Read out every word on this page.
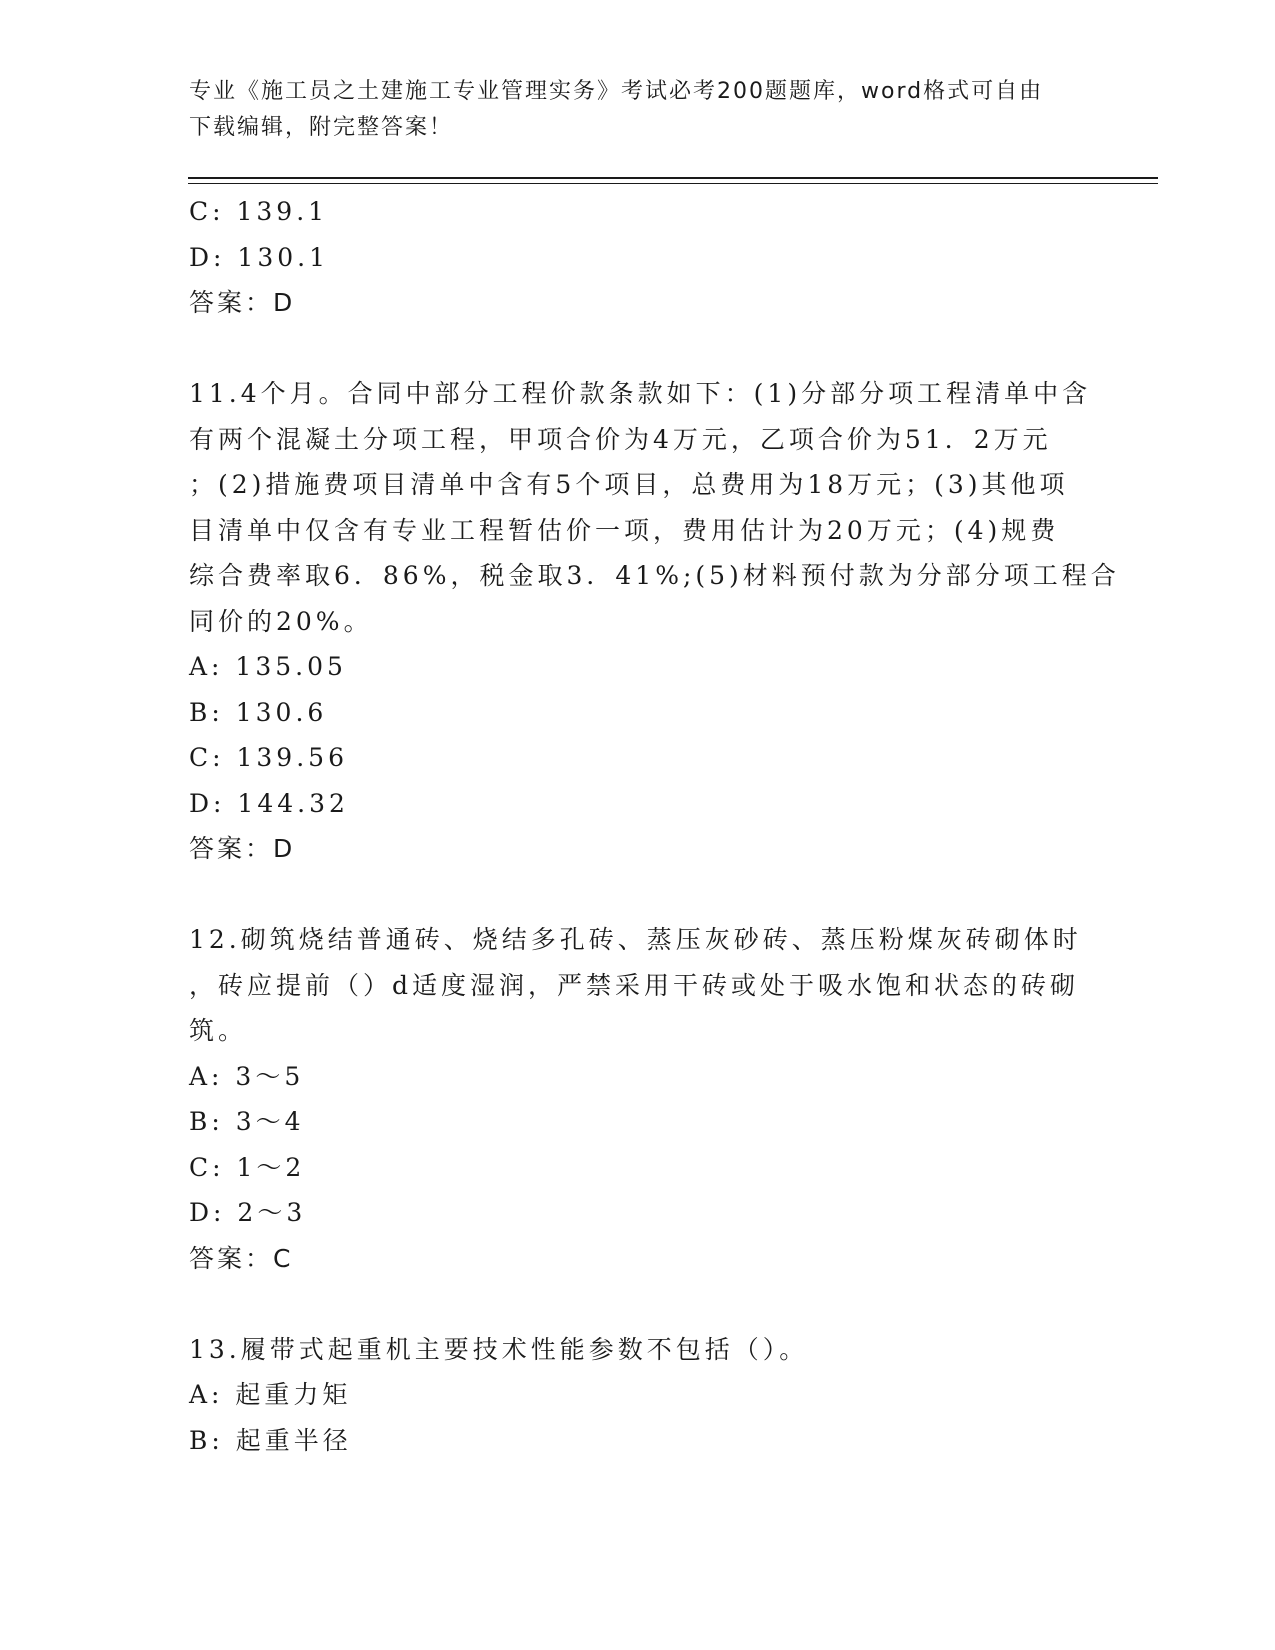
专业《施工员之土建施工专业管理实务》考试必考200题题库，word格式可自由
下载编辑，附完整答案！
C: 139.1
D: 130.1
答案：D
11.4个月。合同中部分工程价款条款如下：(1)分部分项工程清单中含
有两个混凝土分项工程，甲项合价为4万元，乙项合价为51．2万元
；(2)措施费项目清单中含有5个项目，总费用为18万元；(3)其他项
目清单中仅含有专业工程暂估价一项，费用估计为20万元；(4)规费
综合费率取6．86%，税金取3．41%;(5)材料预付款为分部分项工程合
同价的20%。
A: 135.05
B: 130.6
C: 139.56
D: 144.32
答案：D
12.砌筑烧结普通砖、烧结多孔砖、蒸压灰砂砖、蒸压粉煤灰砖砌体时
，砖应提前（）d适度湿润，严禁采用干砖或处于吸水饱和状态的砖砌
筑。
A: 3～5
B: 3～4
C: 1～2
D: 2～3
答案：C
13.履带式起重机主要技术性能参数不包括（）。
A: 起重力矩
B: 起重半径
